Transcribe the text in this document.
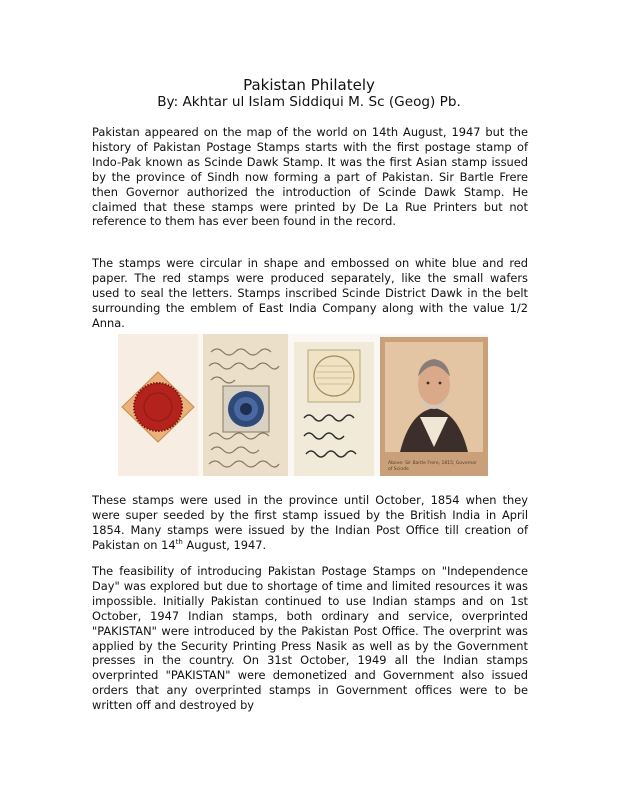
Pakistan Philately
By: Akhtar ul Islam Siddiqui M. Sc (Geog) Pb.

Pakistan appeared on the map of the world on 14th August, 1947 but the history of Pakistan Postage Stamps starts with the first postage stamp of Indo-Pak known as Scinde Dawk Stamp. It was the first Asian stamp issued by the province of Sindh now forming a part of Pakistan. Sir Bartle Frere then Governor authorized the introduction of Scinde Dawk Stamp. He claimed that these stamps were printed by De La Rue Printers but not reference to them has ever been found in the record.

The stamps were circular in shape and embossed on white blue and red paper. The red stamps were produced separately, like the small wafers used to seal the letters. Stamps inscribed Scinde District Dawk in the belt surrounding the emblem of East India Company along with the value 1/2 Anna.

Above: Sir Bartle Frere, 1815; Governor of Scinde

These stamps were used in the province until October, 1854 when they were super seeded by the first stamp issued by the British India in April 1854. Many stamps were issued by the Indian Post Office till creation of Pakistan on 14th August, 1947.

The feasibility of introducing Pakistan Postage Stamps on "Independence Day" was explored but due to shortage of time and limited resources it was impossible. Initially Pakistan continued to use Indian stamps and on 1st October, 1947 Indian stamps, both ordinary and service, overprinted "PAKISTAN" were introduced by the Pakistan Post Office. The overprint was applied by the Security Printing Press Nasik as well as by the Government presses in the country. On 31st October, 1949 all the Indian stamps overprinted "PAKISTAN" were demonetized and Government also issued orders that any overprinted stamps in Government offices were to be written off and destroyed by
